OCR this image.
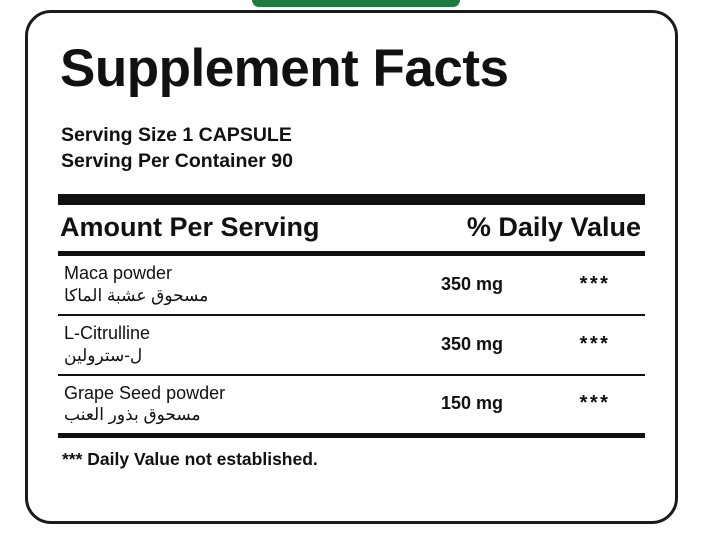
Supplement Facts
Serving Size 1 CAPSULE
Serving Per Container 90
Amount Per Serving	% Daily Value
Maca powder
مسحوق عشبة الماكا
350 mg	***
L-Citrulline
ل-سترولين
350 mg	***
Grape Seed powder
مسحوق بذور العنب
150 mg	***
*** Daily Value not established.
